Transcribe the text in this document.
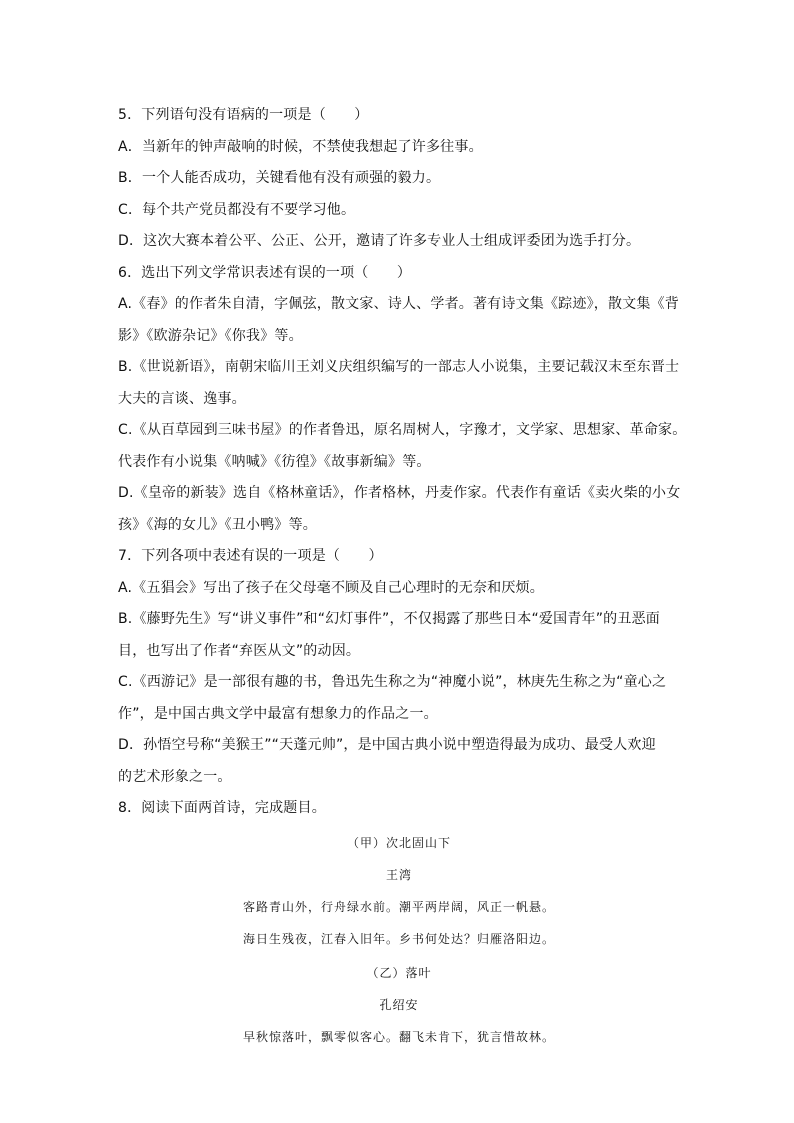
5．下列语句没有语病的一项是（　　）
A．当新年的钟声敲响的时候，不禁使我想起了许多往事。
B．一个人能否成功，关键看他有没有顽强的毅力。
C．每个共产党员都没有不要学习他。
D．这次大赛本着公平、公正、公开，邀请了许多专业人士组成评委团为选手打分。
6．选出下列文学常识表述有误的一项（　　）
A.《春》的作者朱自清，字佩弦，散文家、诗人、学者。著有诗文集《踪迹》，散文集《背
影》《欧游杂记》《你我》等。
B.《世说新语》，南朝宋临川王刘义庆组织编写的一部志人小说集，主要记载汉末至东晋士
大夫的言谈、逸事。
C.《从百草园到三味书屋》的作者鲁迅，原名周树人，字豫才，文学家、思想家、革命家。
代表作有小说集《呐喊》《彷徨》《故事新编》等。
D.《皇帝的新装》选自《格林童话》，作者格林，丹麦作家。代表作有童话《卖火柴的小女
孩》《海的女儿》《丑小鸭》等。
7．下列各项中表述有误的一项是（　　）
A.《五猖会》写出了孩子在父母毫不顾及自己心理时的无奈和厌烦。
B.《藤野先生》写“讲义事件”和“幻灯事件”，不仅揭露了那些日本“爱国青年”的丑恶面
目，也写出了作者“弃医从文”的动因。
C.《西游记》是一部很有趣的书，鲁迅先生称之为“神魔小说”，林庚先生称之为“童心之
作”，是中国古典文学中最富有想象力的作品之一。
D．孙悟空号称“美猴王”“天蓬元帅”，是中国古典小说中塑造得最为成功、最受人欢迎
的艺术形象之一。
8．阅读下面两首诗，完成题目。
（甲）次北固山下
王湾
客路青山外，行舟绿水前。潮平两岸阔，风正一帆悬。
海日生残夜，江春入旧年。乡书何处达？归雁洛阳边。
（乙）落叶
孔绍安
早秋惊落叶，飘零似客心。翻飞未肯下，犹言惜故林。
